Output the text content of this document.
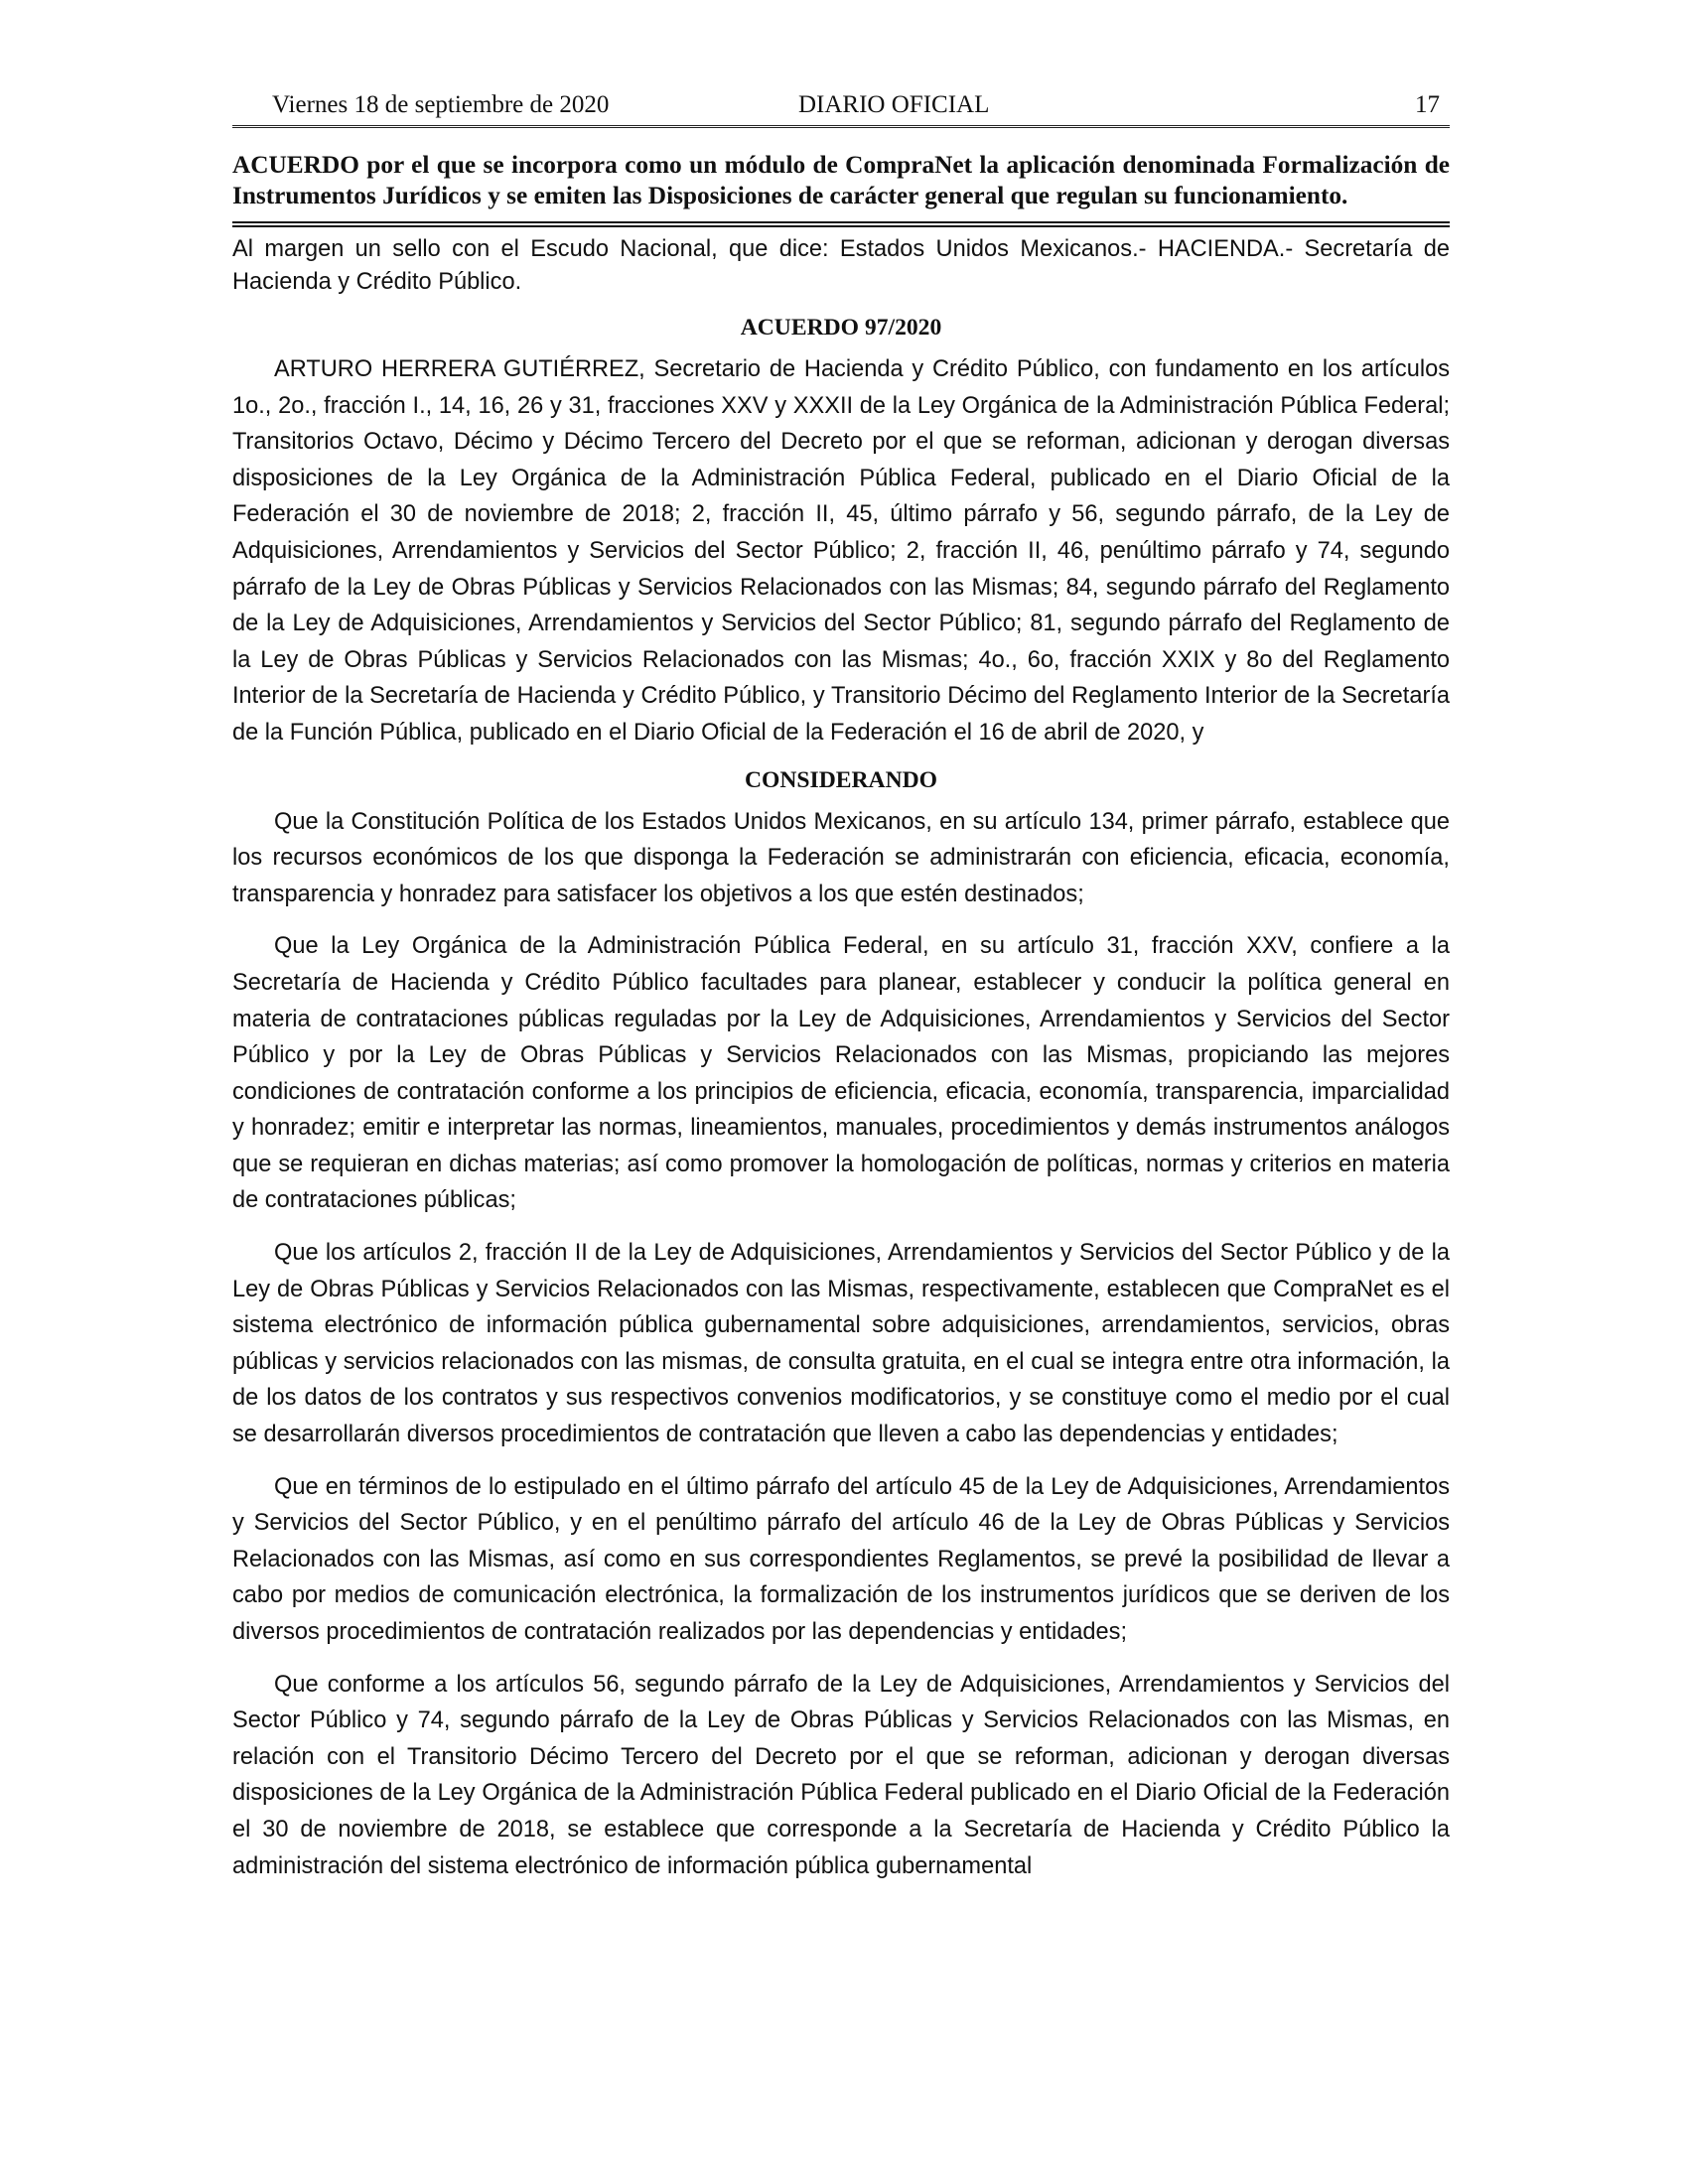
Viernes 18 de septiembre de 2020	DIARIO OFICIAL	17
ACUERDO por el que se incorpora como un módulo de CompraNet la aplicación denominada Formalización de Instrumentos Jurídicos y se emiten las Disposiciones de carácter general que regulan su funcionamiento.
Al margen un sello con el Escudo Nacional, que dice: Estados Unidos Mexicanos.- HACIENDA.- Secretaría de Hacienda y Crédito Público.
ACUERDO 97/2020

ARTURO HERRERA GUTIÉRREZ, Secretario de Hacienda y Crédito Público, con fundamento en los artículos 1o., 2o., fracción I., 14, 16, 26 y 31, fracciones XXV y XXXII de la Ley Orgánica de la Administración Pública Federal; Transitorios Octavo, Décimo y Décimo Tercero del Decreto por el que se reforman, adicionan y derogan diversas disposiciones de la Ley Orgánica de la Administración Pública Federal, publicado en el Diario Oficial de la Federación el 30 de noviembre de 2018; 2, fracción II, 45, último párrafo y 56, segundo párrafo, de la Ley de Adquisiciones, Arrendamientos y Servicios del Sector Público; 2, fracción II, 46, penúltimo párrafo y 74, segundo párrafo de la Ley de Obras Públicas y Servicios Relacionados con las Mismas; 84, segundo párrafo del Reglamento de la Ley de Adquisiciones, Arrendamientos y Servicios del Sector Público; 81, segundo párrafo del Reglamento de la Ley de Obras Públicas y Servicios Relacionados con las Mismas; 4o., 6o, fracción XXIX y 8o del Reglamento Interior de la Secretaría de Hacienda y Crédito Público, y Transitorio Décimo del Reglamento Interior de la Secretaría de la Función Pública, publicado en el Diario Oficial de la Federación el 16 de abril de 2020, y

CONSIDERANDO

Que la Constitución Política de los Estados Unidos Mexicanos, en su artículo 134, primer párrafo, establece que los recursos económicos de los que disponga la Federación se administrarán con eficiencia, eficacia, economía, transparencia y honradez para satisfacer los objetivos a los que estén destinados;

Que la Ley Orgánica de la Administración Pública Federal, en su artículo 31, fracción XXV, confiere a la Secretaría de Hacienda y Crédito Público facultades para planear, establecer y conducir la política general en materia de contrataciones públicas reguladas por la Ley de Adquisiciones, Arrendamientos y Servicios del Sector Público y por la Ley de Obras Públicas y Servicios Relacionados con las Mismas, propiciando las mejores condiciones de contratación conforme a los principios de eficiencia, eficacia, economía, transparencia, imparcialidad y honradez; emitir e interpretar las normas, lineamientos, manuales, procedimientos y demás instrumentos análogos que se requieran en dichas materias; así como promover la homologación de políticas, normas y criterios en materia de contrataciones públicas;

Que los artículos 2, fracción II de la Ley de Adquisiciones, Arrendamientos y Servicios del Sector Público y de la Ley de Obras Públicas y Servicios Relacionados con las Mismas, respectivamente, establecen que CompraNet es el sistema electrónico de información pública gubernamental sobre adquisiciones, arrendamientos, servicios, obras públicas y servicios relacionados con las mismas, de consulta gratuita, en el cual se integra entre otra información, la de los datos de los contratos y sus respectivos convenios modificatorios, y se constituye como el medio por el cual se desarrollarán diversos procedimientos de contratación que lleven a cabo las dependencias y entidades;

Que en términos de lo estipulado en el último párrafo del artículo 45 de la Ley de Adquisiciones, Arrendamientos y Servicios del Sector Público, y en el penúltimo párrafo del artículo 46 de la Ley de Obras Públicas y Servicios Relacionados con las Mismas, así como en sus correspondientes Reglamentos, se prevé la posibilidad de llevar a cabo por medios de comunicación electrónica, la formalización de los instrumentos jurídicos que se deriven de los diversos procedimientos de contratación realizados por las dependencias y entidades;

Que conforme a los artículos 56, segundo párrafo de la Ley de Adquisiciones, Arrendamientos y Servicios del Sector Público y 74, segundo párrafo de la Ley de Obras Públicas y Servicios Relacionados con las Mismas, en relación con el Transitorio Décimo Tercero del Decreto por el que se reforman, adicionan y derogan diversas disposiciones de la Ley Orgánica de la Administración Pública Federal publicado en el Diario Oficial de la Federación el 30 de noviembre de 2018, se establece que corresponde a la Secretaría de Hacienda y Crédito Público la administración del sistema electrónico de información pública gubernamental
